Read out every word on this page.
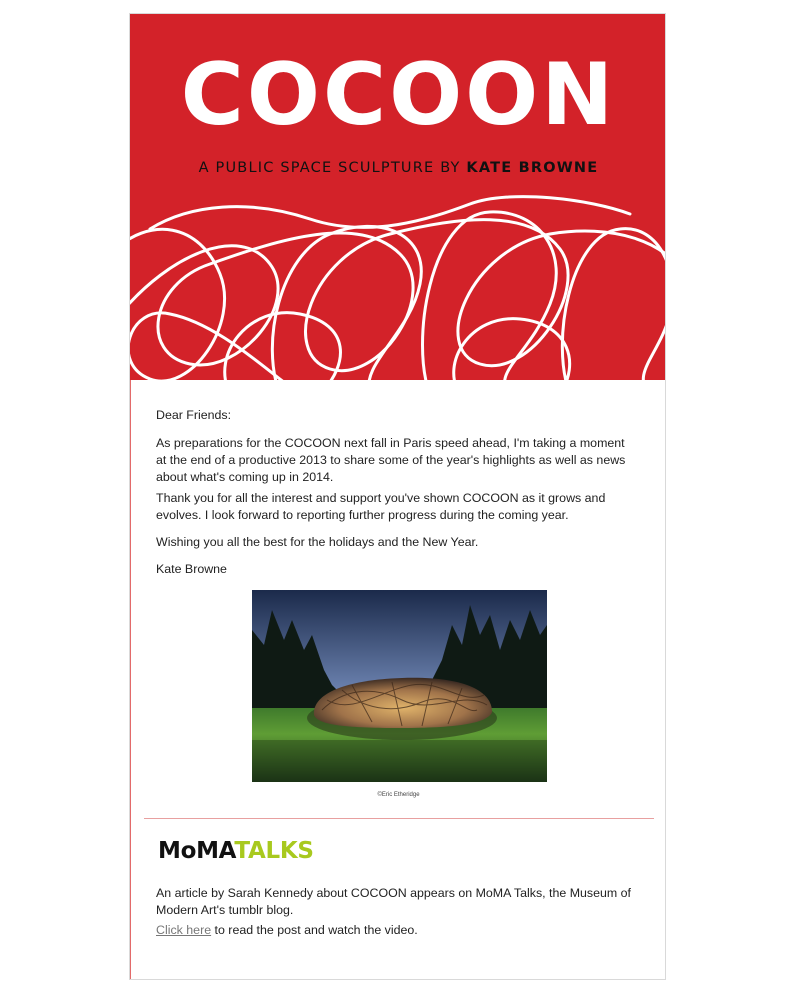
COCOON
A PUBLIC SPACE SCULPTURE BY KATE BROWNE

Dear Friends:

As preparations for the COCOON next fall in Paris speed ahead, I'm taking a moment at the end of a productive 2013 to share some of the year's highlights as well as news about what's coming up in 2014.

Thank you for all the interest and support you've shown COCOON as it grows and evolves. I look forward to reporting further progress during the coming year.

Wishing you all the best for the holidays and the New Year.

Kate Browne

©Eric Etheridge
MoMATALKS

An article by Sarah Kennedy about COCOON appears on MoMA Talks, the Museum of Modern Art's tumblr blog.

Click here to read the post and watch the video.
